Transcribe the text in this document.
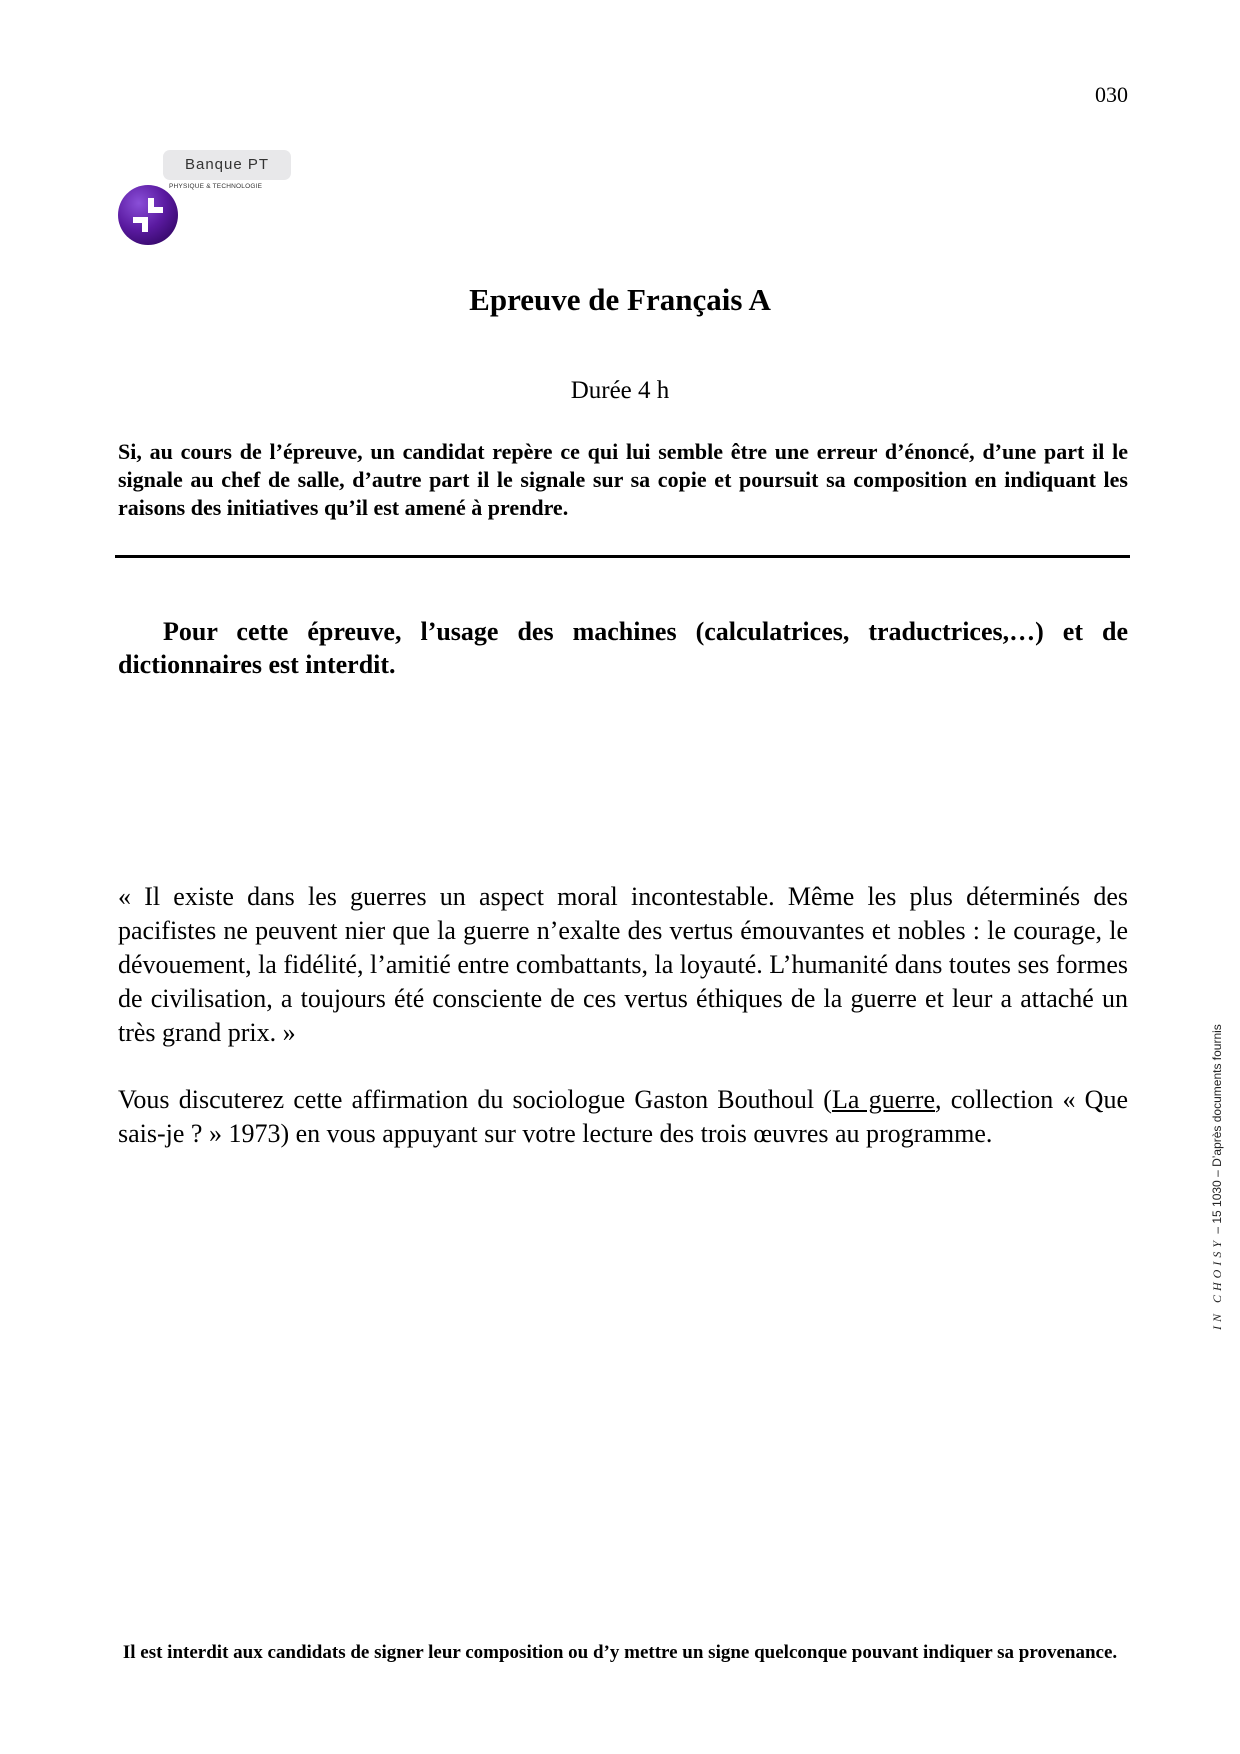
030
Banque PT
PHYSIQUE & TECHNOLOGIE
Epreuve de Français A
Durée 4 h

Si, au cours de l’épreuve, un candidat repère ce qui lui semble être une erreur d’énoncé, d’une part il le signale au chef de salle, d’autre part il le signale sur sa copie et poursuit sa composition en indiquant les raisons des initiatives qu’il est amené à prendre.

Pour cette épreuve, l’usage des machines (calculatrices, traductrices,…) et de dictionnaires est interdit.

« Il existe dans les guerres un aspect moral incontestable. Même les plus déterminés des pacifistes ne peuvent nier que la guerre n’exalte des vertus émouvantes et nobles : le courage, le dévouement, la fidélité, l’amitié entre combattants, la loyauté. L’humanité dans toutes ses formes de civilisation, a toujours été consciente de ces vertus éthiques de la guerre et leur a attaché un très grand prix. »

Vous discuterez cette affirmation du sociologue Gaston Bouthoul (La guerre, collection « Que sais-je ? » 1973) en vous appuyant sur votre lecture des trois œuvres au programme.

IN CHOISY – 15 1030 – D’après documents fournis
Il est interdit aux candidats de signer leur composition ou d’y mettre un signe quelconque pouvant indiquer sa provenance.
